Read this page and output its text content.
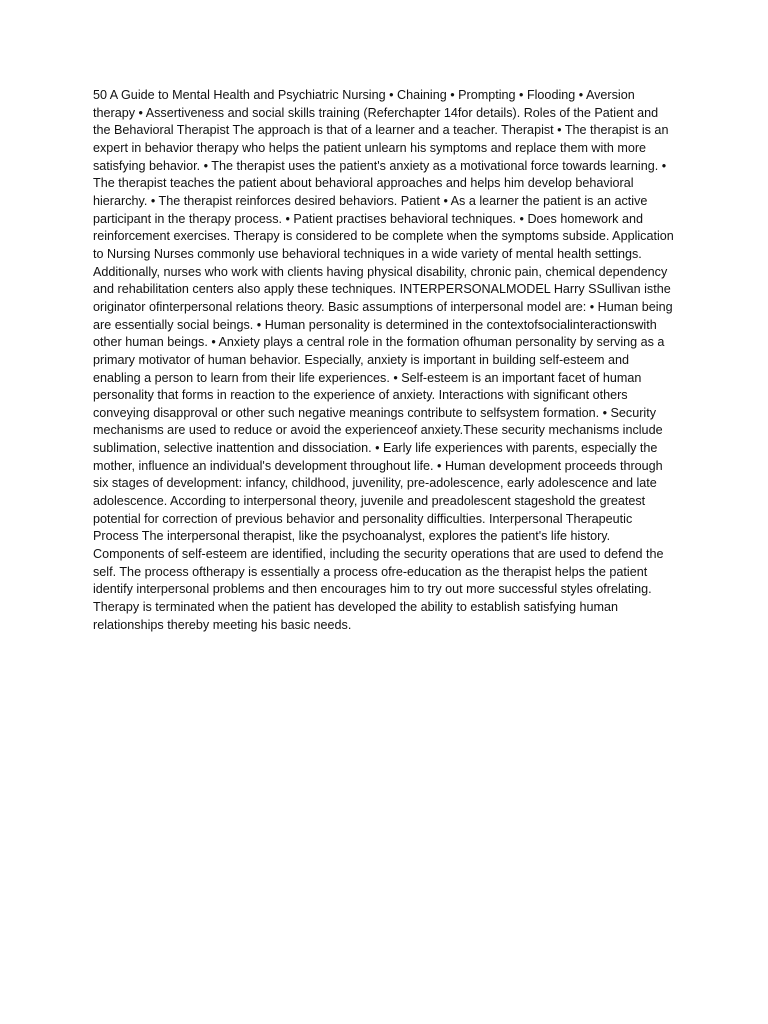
50 A Guide to Mental Health and Psychiatric Nursing • Chaining • Prompting • Flooding • Aversion therapy • Assertiveness and social skills training (Referchapter 14for details). Roles of the Patient and the Behavioral Therapist The approach is that of a learner and a teacher. Therapist • The therapist is an expert in behavior therapy who helps the patient unlearn his symptoms and replace them with more satisfying behavior. • The therapist uses the patient's anxiety as a motivational force towards learning. • The therapist teaches the patient about behavioral approaches and helps him develop behavioral hierarchy. • The therapist reinforces desired behaviors. Patient • As a learner the patient is an active participant in the therapy process. • Patient practises behavioral techniques. • Does homework and reinforcement exercises. Therapy is considered to be complete when the symptoms subside. Application to Nursing Nurses commonly use behavioral techniques in a wide variety of mental health settings. Additionally, nurses who work with clients having physical disability, chronic pain, chemical dependency and rehabilitation centers also apply these techniques. INTERPERSONALMODEL Harry SSullivan isthe originator ofinterpersonal relations theory. Basic assumptions of interpersonal model are: • Human being are essentially social beings. • Human personality is determined in the contextofsocialinteractionswith other human beings. • Anxiety plays a central role in the formation ofhuman personality by serving as a primary motivator of human behavior. Especially, anxiety is important in building self-esteem and enabling a person to learn from their life experiences. • Self-esteem is an important facet of human personality that forms in reaction to the experience of anxiety. Interactions with significant others conveying disapproval or other such negative meanings contribute to selfsystem formation. • Security mechanisms are used to reduce or avoid the experienceof anxiety.These security mechanisms include sublimation, selective inattention and dissociation. • Early life experiences with parents, especially the mother, influence an individual's development throughout life. • Human development proceeds through six stages of development: infancy, childhood, juvenility, pre-adolescence, early adolescence and late adolescence. According to interpersonal theory, juvenile and preadolescent stageshold the greatest potential for correction of previous behavior and personality difficulties. Interpersonal Therapeutic Process The interpersonal therapist, like the psychoanalyst, explores the patient's life history. Components of self-esteem are identified, including the security operations that are used to defend the self. The process oftherapy is essentially a process ofre-education as the therapist helps the patient identify interpersonal problems and then encourages him to try out more successful styles ofrelating. Therapy is terminated when the patient has developed the ability to establish satisfying human relationships thereby meeting his basic needs.
